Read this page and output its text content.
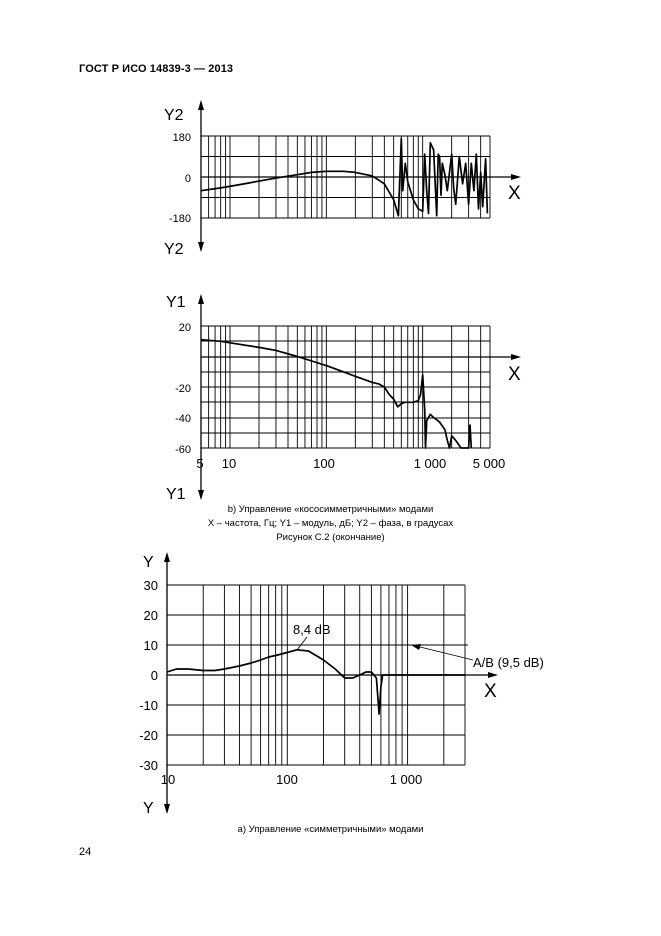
ГОСТ Р ИСО 14839-3 — 2013
Y2
Y2
X
180
0
-180
Y1
Y1
X
20
-20
-40
-60
5 10	100	1 000 5 000
Y
Y
X
30
20
10
0
-10
-20
-30
10	100	1 000
8,4 dB
A/B (9,5 dB)
b) Управление «кососимметричными» модами
X – частота, Гц; Y1 – модуль, дБ; Y2 – фаза, в градусах
Рисунок С.2 (окончание)
а) Управление «симметричными» модами
24
